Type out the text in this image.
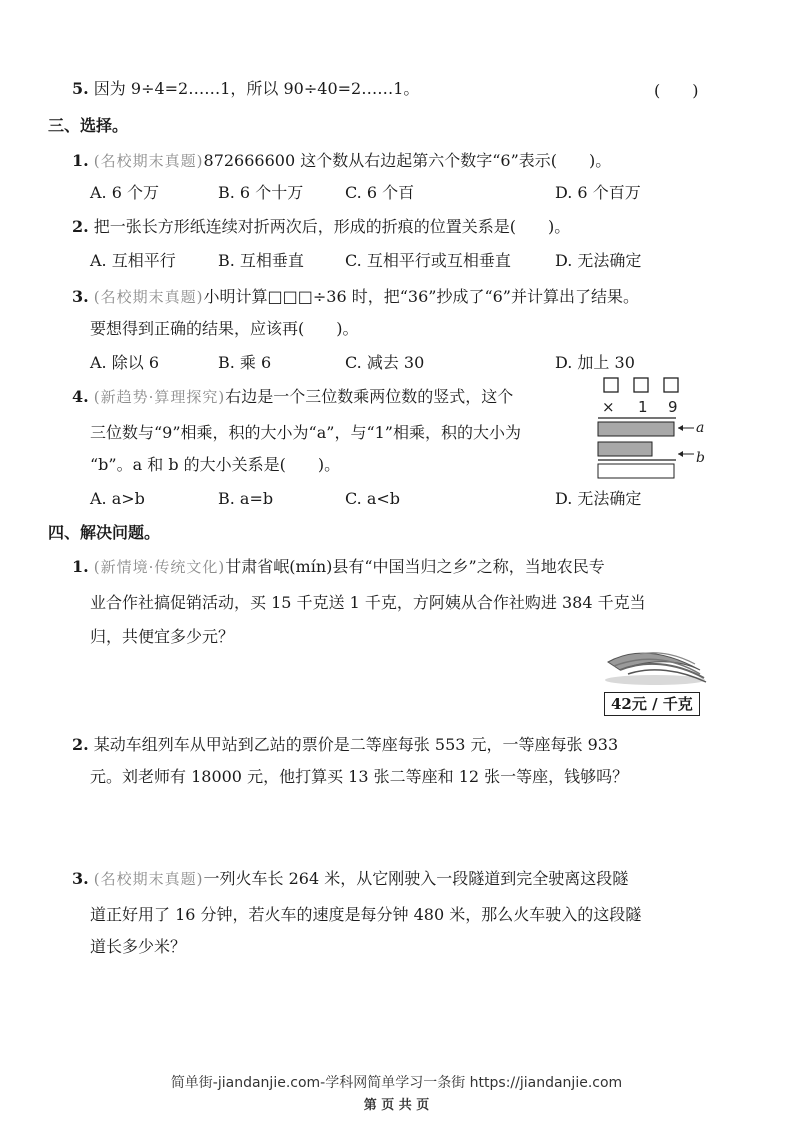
5. 因为 9÷4=2……1，所以 90÷40=2……1。	(　　)
三、选择。
1. (名校期末真题)872666600 这个数从右边起第六个数字“6”表示(　　)。
A. 6 个万	B. 6 个十万	C. 6 个百	D. 6 个百万
2. 把一张长方形纸连续对折两次后，形成的折痕的位置关系是(　　)。
A. 互相平行	B. 互相垂直	C. 互相平行或互相垂直	D. 无法确定
3. (名校期末真题)小明计算□□□÷36 时，把“36”抄成了“6”并计算出了结果。
要想得到正确的结果，应该再(　　)。
A. 除以 6	B. 乘 6	C. 减去 30	D. 加上 30
4. (新趋势·算理探究)右边是一个三位数乘两位数的竖式，这个
三位数与“9”相乘，积的大小为“a”，与“1”相乘，积的大小为
“b”。a 和 b 的大小关系是(　　)。
A. a>b	B. a=b	C. a<b	D. 无法确定
× 1 9
a
b
四、解决问题。
1. (新情境·传统文化)甘肃省岷(mín)县有“中国当归之乡”之称，当地农民专
业合作社搞促销活动，买 15 千克送 1 千克，方阿姨从合作社购进 384 千克当
归，共便宜多少元？
42元 / 千克
2. 某动车组列车从甲站到乙站的票价是二等座每张 553 元，一等座每张 933
元。刘老师有 18000 元，他打算买 13 张二等座和 12 张一等座，钱够吗？
3. (名校期末真题)一列火车长 264 米，从它刚驶入一段隧道到完全驶离这段隧
道正好用了 16 分钟，若火车的速度是每分钟 480 米，那么火车驶入的这段隧
道长多少米？
简单街-jiandanjie.com-学科网简单学习一条街 https://jiandanjie.com
第 页 共 页
